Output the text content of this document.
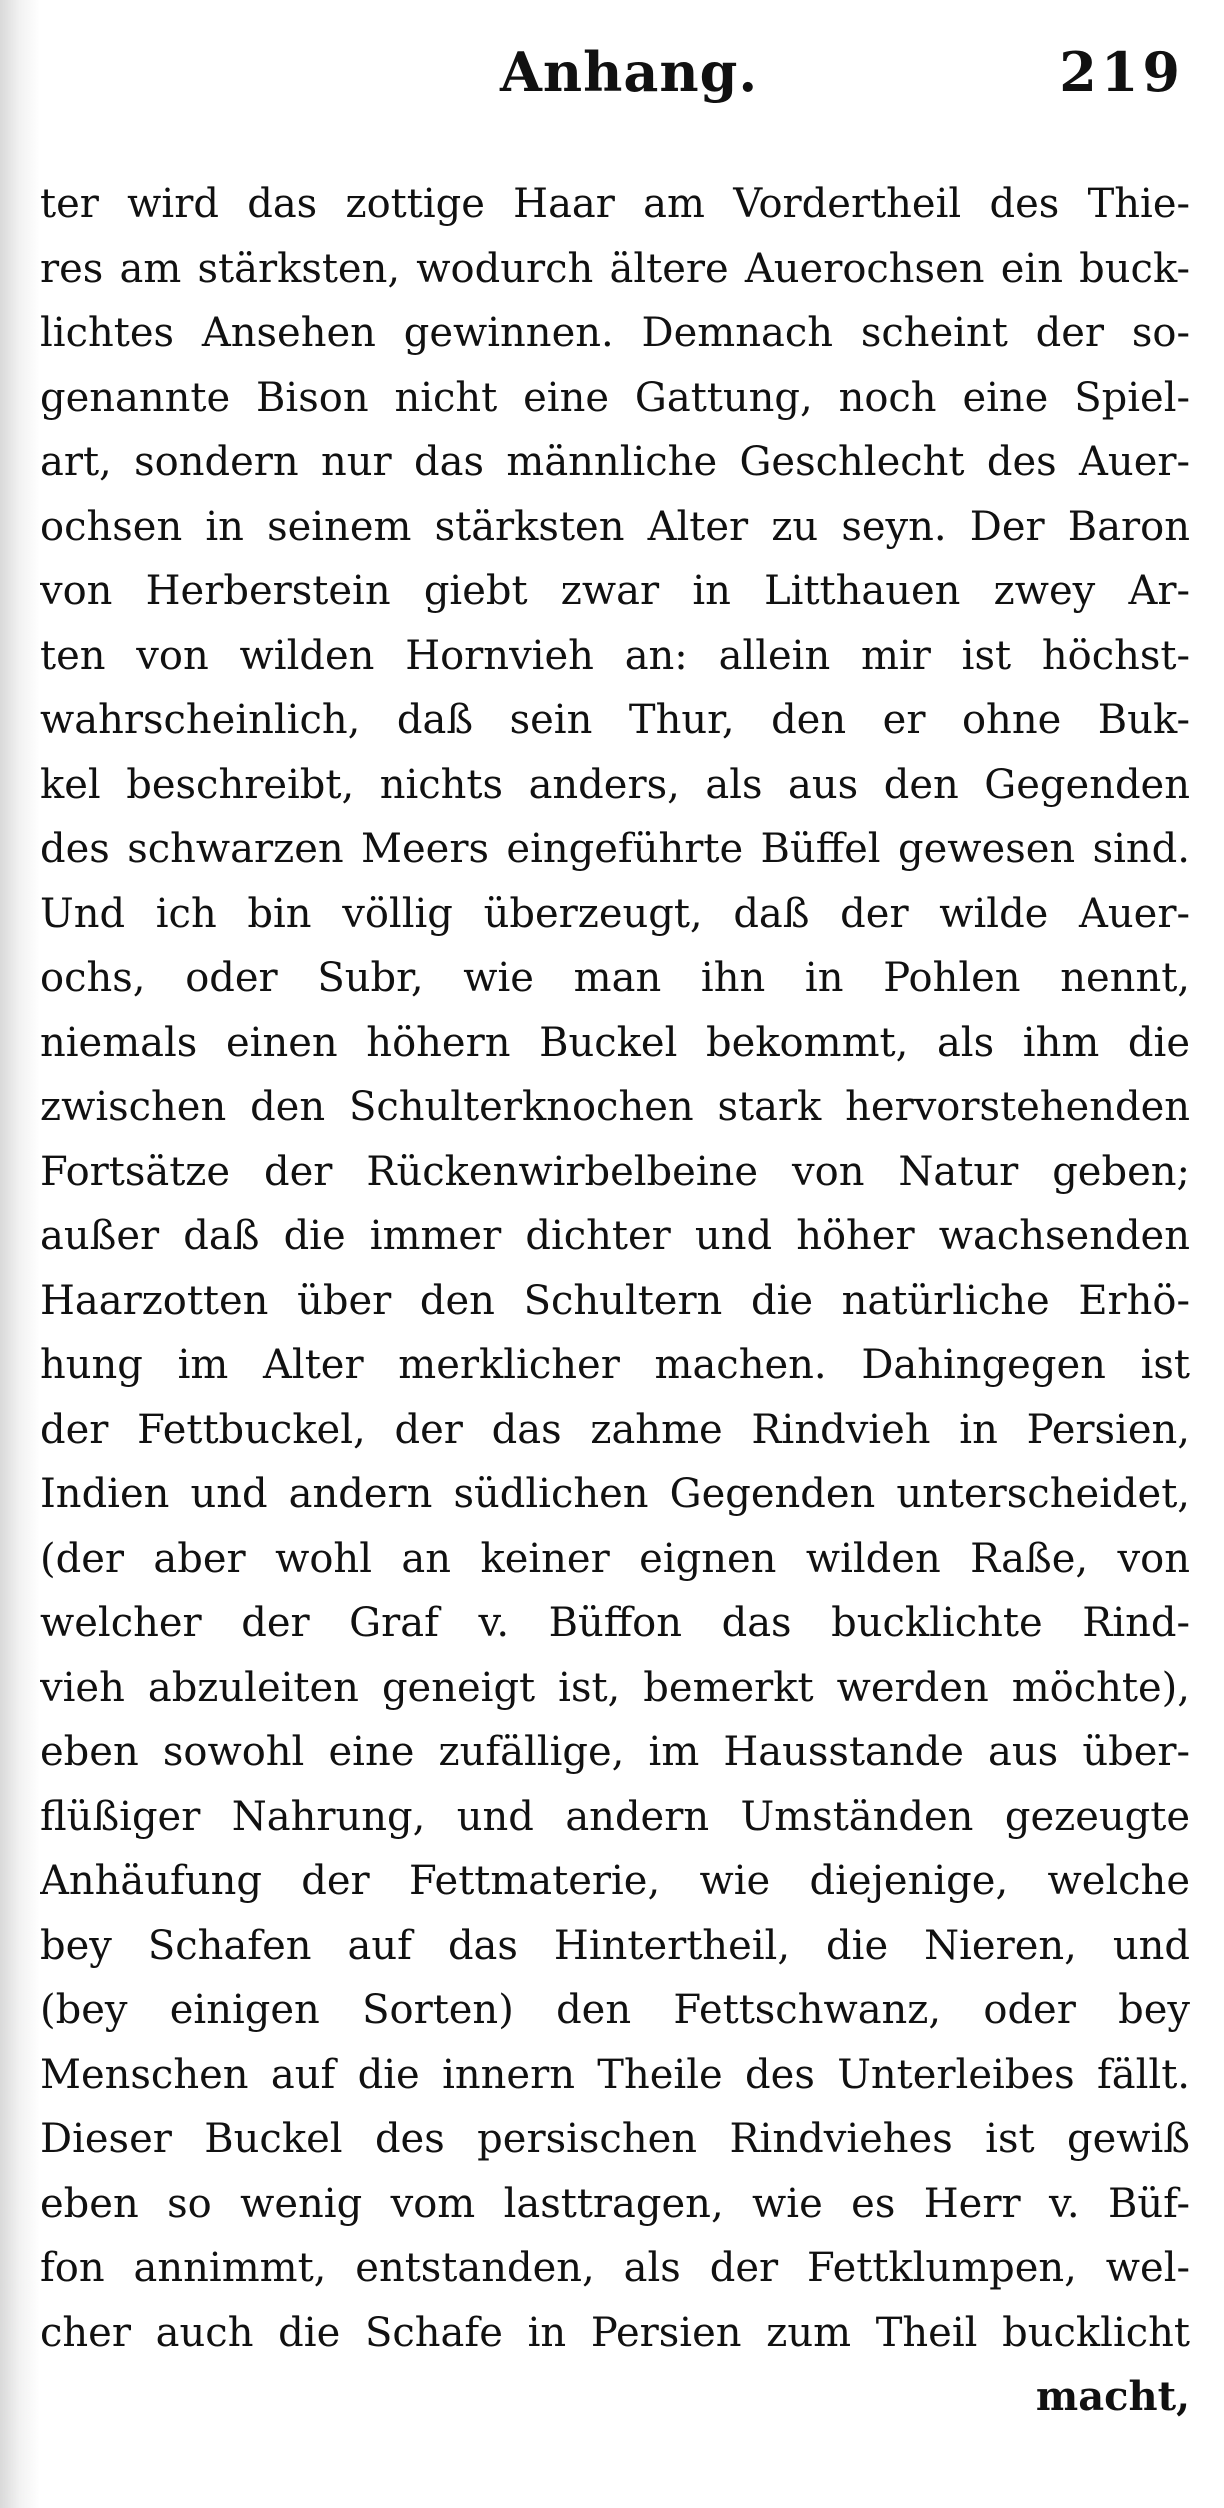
Anhang.	219
ter wird das zottige Haar am Vordertheil des Thie-
res am stärksten, wodurch ältere Auerochsen ein buck-
lichtes Ansehen gewinnen. Demnach scheint der so-
genannte Bison nicht eine Gattung, noch eine Spiel-
art, sondern nur das männliche Geschlecht des Auer-
ochsen in seinem stärksten Alter zu seyn. Der Baron
von Herberstein giebt zwar in Litthauen zwey Ar-
ten von wilden Hornvieh an: allein mir ist höchst-
wahrscheinlich, daß sein Thur, den er ohne Buk-
kel beschreibt, nichts anders, als aus den Gegenden
des schwarzen Meers eingeführte Büffel gewesen sind.
Und ich bin völlig überzeugt, daß der wilde Auer-
ochs, oder Subr, wie man ihn in Pohlen nennt,
niemals einen höhern Buckel bekommt, als ihm die
zwischen den Schulterknochen stark hervorstehenden
Fortsätze der Rückenwirbelbeine von Natur geben;
außer daß die immer dichter und höher wachsenden
Haarzotten über den Schultern die natürliche Erhö-
hung im Alter merklicher machen. Dahingegen ist
der Fettbuckel, der das zahme Rindvieh in Persien,
Indien und andern südlichen Gegenden unterscheidet,
(der aber wohl an keiner eignen wilden Raße, von
welcher der Graf v. Büffon das bucklichte Rind-
vieh abzuleiten geneigt ist, bemerkt werden möchte),
eben sowohl eine zufällige, im Hausstande aus über-
flüßiger Nahrung, und andern Umständen gezeugte
Anhäufung der Fettmaterie, wie diejenige, welche
bey Schafen auf das Hintertheil, die Nieren, und
(bey einigen Sorten) den Fettschwanz, oder bey
Menschen auf die innern Theile des Unterleibes fällt.
Dieser Buckel des persischen Rindviehes ist gewiß
eben so wenig vom lasttragen, wie es Herr v. Büf-
fon annimmt, entstanden, als der Fettklumpen, wel-
cher auch die Schafe in Persien zum Theil bucklicht
macht,
